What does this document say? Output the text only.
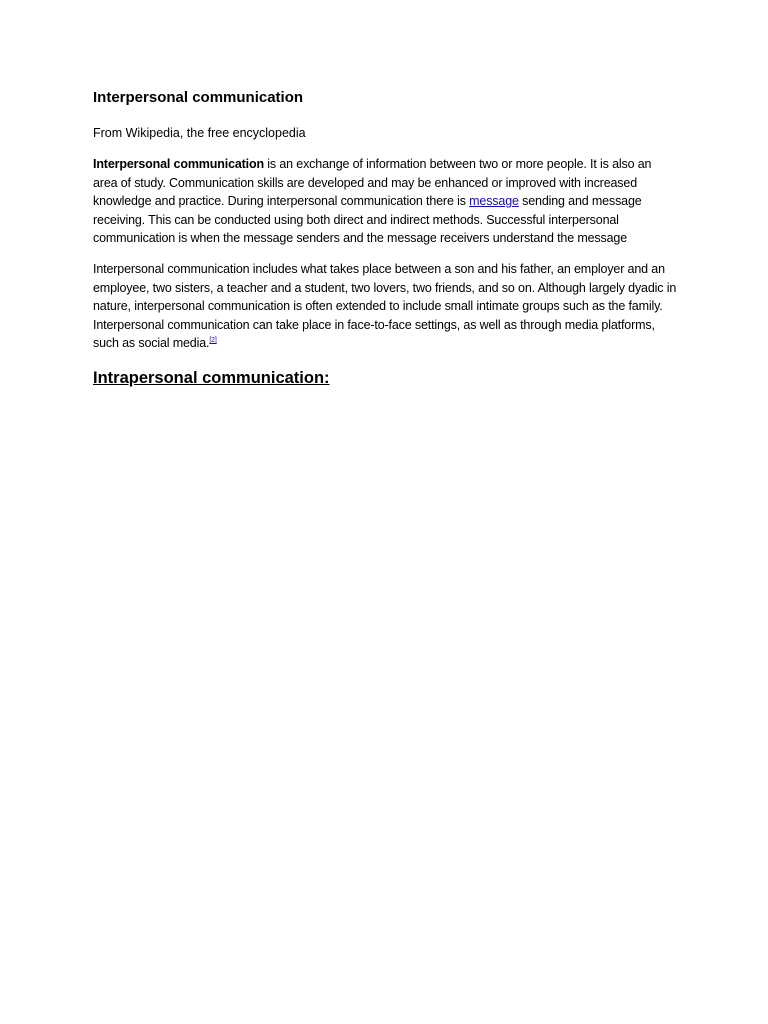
Interpersonal communication
From Wikipedia, the free encyclopedia

Interpersonal communication is an exchange of information between two or more people. It is also an area of study. Communication skills are developed and may be enhanced or improved with increased knowledge and practice. During interpersonal communication there is message sending and message receiving. This can be conducted using both direct and indirect methods. Successful interpersonal communication is when the message senders and the message receivers understand the message

Interpersonal communication includes what takes place between a son and his father, an employer and an employee, two sisters, a teacher and a student, two lovers, two friends, and so on. Although largely dyadic in nature, interpersonal communication is often extended to include small intimate groups such as the family. Interpersonal communication can take place in face-to-face settings, as well as through media platforms, such as social media.[2]

Intrapersonal communication:
